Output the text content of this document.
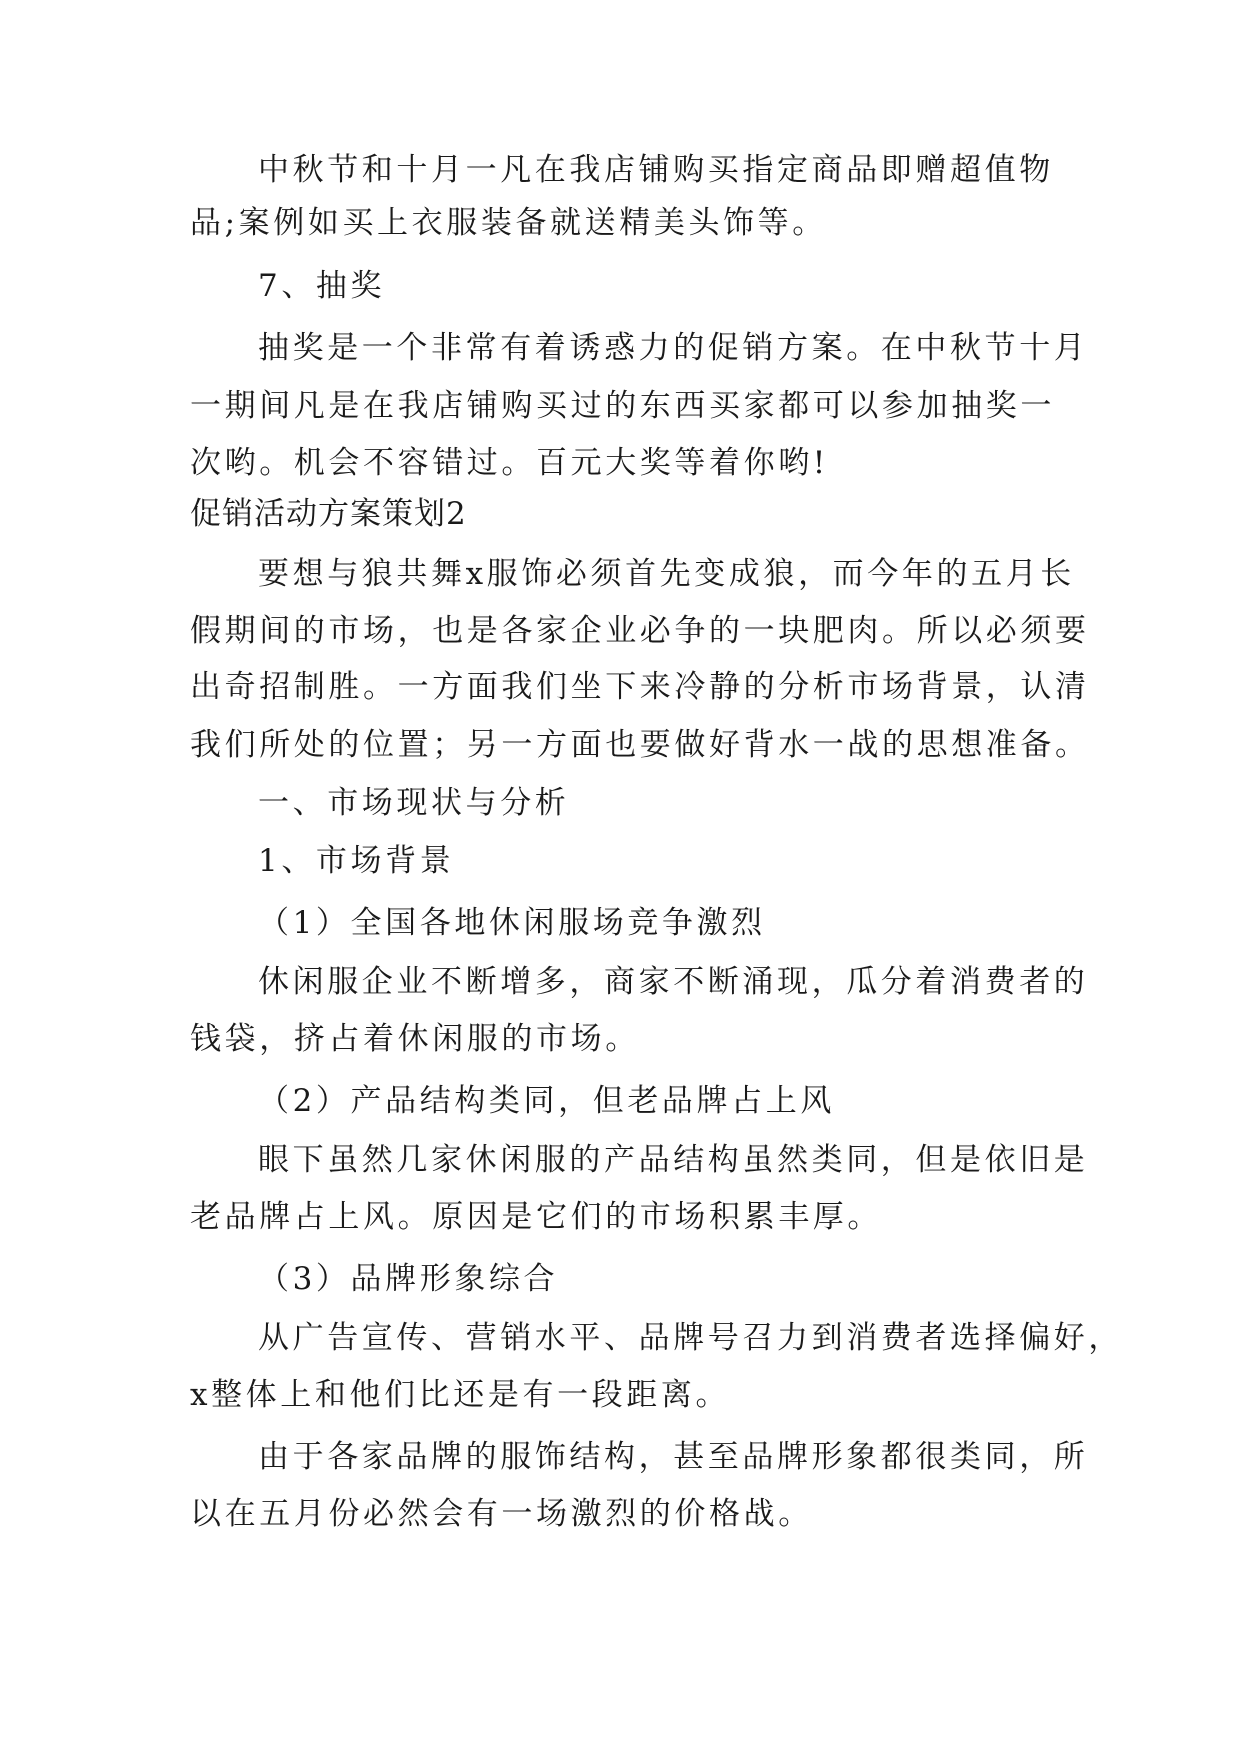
中秋节和十月一凡在我店铺购买指定商品即赠超值物
品;案例如买上衣服装备就送精美头饰等。
7、抽奖
抽奖是一个非常有着诱惑力的促销方案。在中秋节十月
一期间凡是在我店铺购买过的东西买家都可以参加抽奖一
次哟。机会不容错过。百元大奖等着你哟!
促销活动方案策划2
要想与狼共舞x服饰必须首先变成狼，而今年的五月长
假期间的市场，也是各家企业必争的一块肥肉。所以必须要
出奇招制胜。一方面我们坐下来冷静的分析市场背景，认清
我们所处的位置；另一方面也要做好背水一战的思想准备。
一、市场现状与分析
1、市场背景
（1）全国各地休闲服场竞争激烈
休闲服企业不断增多，商家不断涌现，瓜分着消费者的
钱袋，挤占着休闲服的市场。
（2）产品结构类同，但老品牌占上风
眼下虽然几家休闲服的产品结构虽然类同，但是依旧是
老品牌占上风。原因是它们的市场积累丰厚。
（3）品牌形象综合
从广告宣传、营销水平、品牌号召力到消费者选择偏好，
x整体上和他们比还是有一段距离。
由于各家品牌的服饰结构，甚至品牌形象都很类同，所
以在五月份必然会有一场激烈的价格战。
